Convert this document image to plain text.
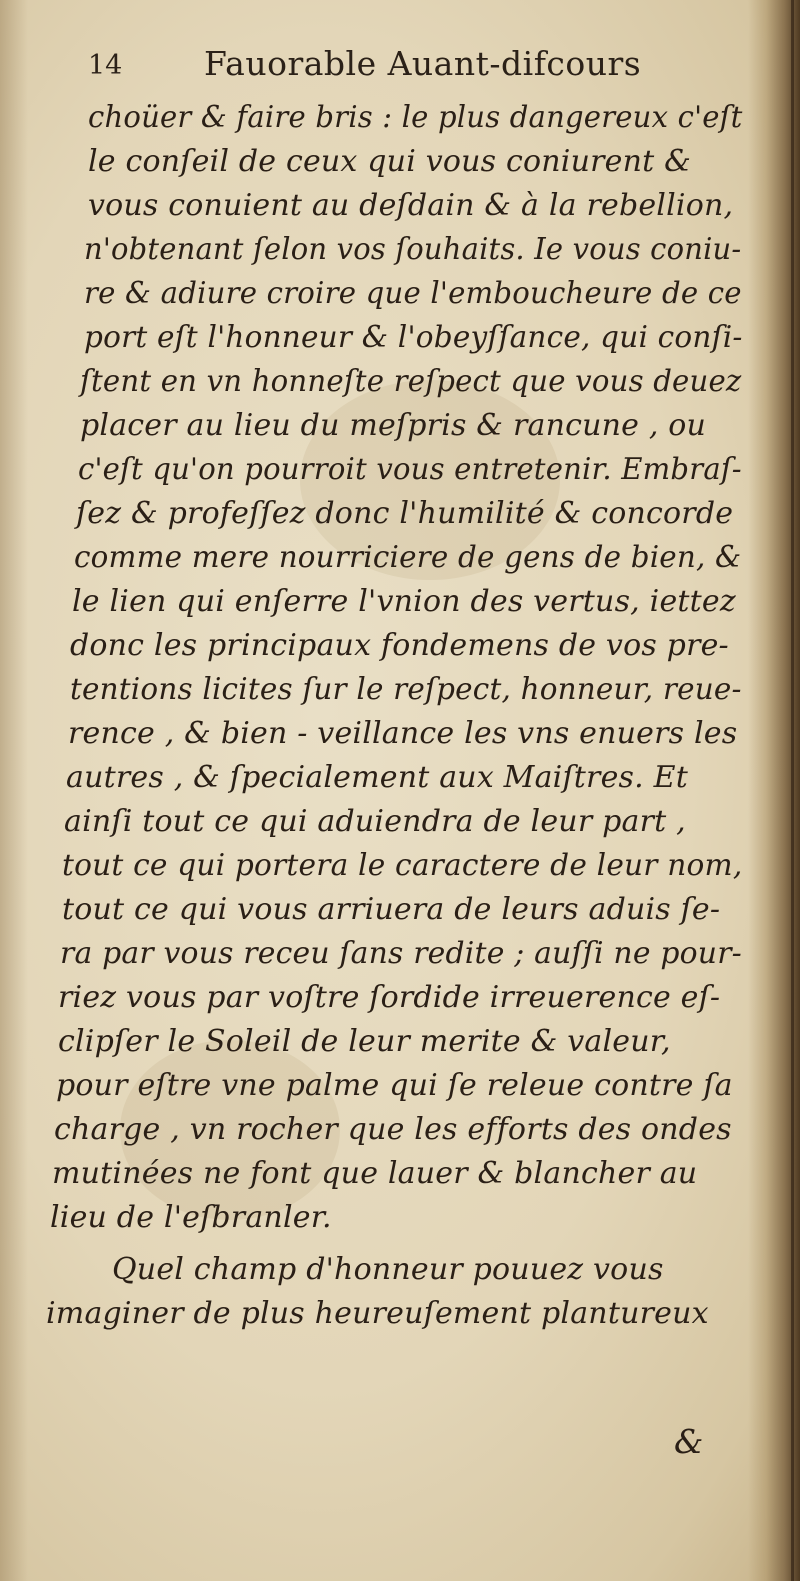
14 Fauorable Auant-difcours
choüer & faire bris : le plus dangereux c'eſt
le conſeil de ceux qui vous coniurent &
vous conuient au deſdain & à la rebellion,
n'obtenant ſelon vos ſouhaits. Ie vous coniu-
re & adiure croire que l'embouchеure de ce
port eſt l'honneur & l'obeyſſance, qui conſi-
ſtent en vn honneſte reſpect que vous deuez
placer au lieu du meſpris & rancune , ou
c'eſt qu'on pourroit vous entretenir. Embraſ-
ſez & profeſſez donc l'humilité & concorde
comme mere nourriciere de gens de bien, &
le lien qui enſerre l'vnion des vertus, iettez
donc les principaux fondemens de vos pre-
tentions licites ſur le reſpect, honneur, reue-
rence , & bien - veillance les vns enuers les
autres , & ſpecialement aux Maiſtres. Et
ainſi tout ce qui aduiendra de leur part ,
tout ce qui portera le caractere de leur nom,
tout ce qui vous arriuera de leurs aduis ſe-
ra par vous receu ſans redite ; auſſi ne pour-
riez vous par voſtre ſordide irreuerence eſ-
clipſer le Soleil de leur merite & valeur,
pour eſtre vne palme qui ſe releue contre ſa
charge , vn rocher que les efforts des ondes
mutinées ne font que lauer & blancher au
lieu de l'eſbranler.
Quel champ d'honneur pouuez vous
imaginer de plus heureuſement plantureux
&
